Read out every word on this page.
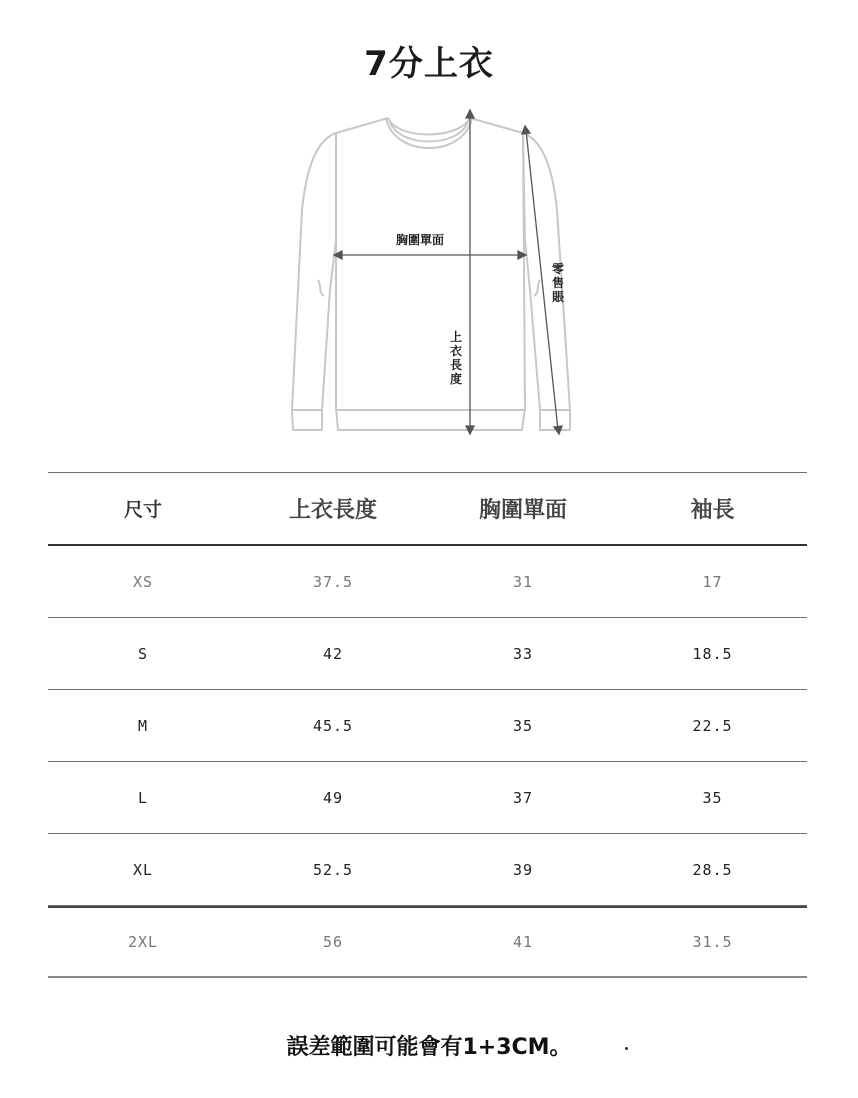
7分上衣
胸圍單面
上衣長度
零售賬
尺寸	上衣長度	胸圍單面	袖長
XS	37.5	31	17
S	42	33	18.5
M	45.5	35	22.5
L	49	37	35
XL	52.5	39	28.5
2XL	56	41	31.5
誤差範圍可能會有1+3CM。
